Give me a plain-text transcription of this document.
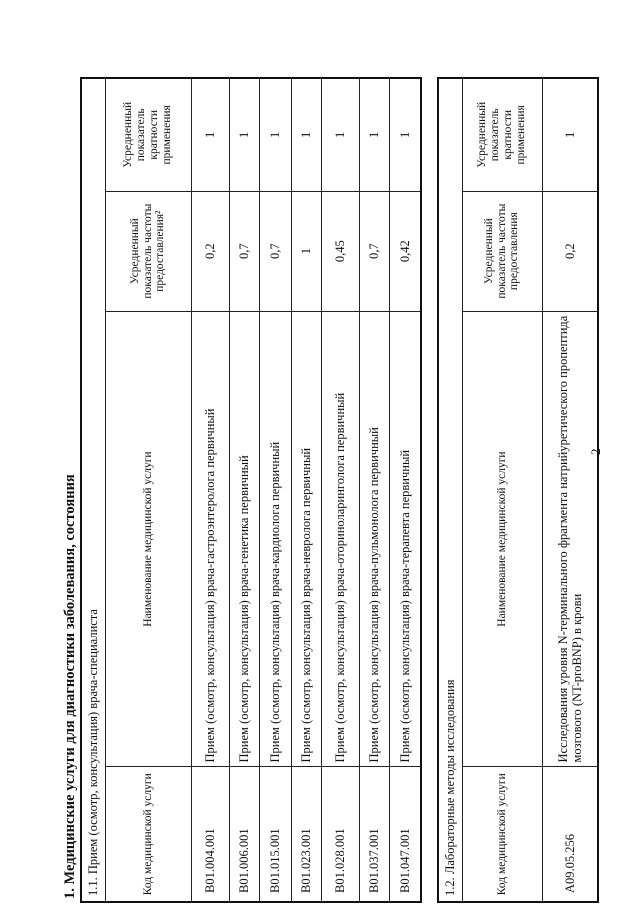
2
1. Медицинские услуги для диагностики заболевания, состояния 1.1. Прием (осмотр, консультация) врача-специалиста			
Код медицинской услуги	Наименование медицинской услуги	Усредненный показатель частоты предоставления²	Усредненный показатель кратности применения
B01.004.001	Прием (осмотр, консультация) врача-гастроэнтеролога первичный	0,2	1
B01.006.001	Прием (осмотр, консультация) врача-генетика первичный	0,7	1
B01.015.001	Прием (осмотр, консультация) врача-кардиолога первичный	0,7	1
B01.023.001	Прием (осмотр, консультация) врача-невролога первичный	1	1
B01.028.001	Прием (осмотр, консультация) врача-оториноларинголога первичный	0,45	1
B01.037.001	Прием (осмотр, консультация) врача-пульмонолога первичный	0,7	1
B01.047.001	Прием (осмотр, консультация) врача-терапевта первичный	0,42	1
1.2. Лабораторные методы исследования			
Код медицинской услуги	Наименование медицинской услуги	Усредненный показатель частоты предоставления	Усредненный показатель кратности применения
A09.05.256	Исследования уровня N-терминального фрагмента натрийуретического пропептида мозгового (NT-proBNP) в крови	0,2	1
